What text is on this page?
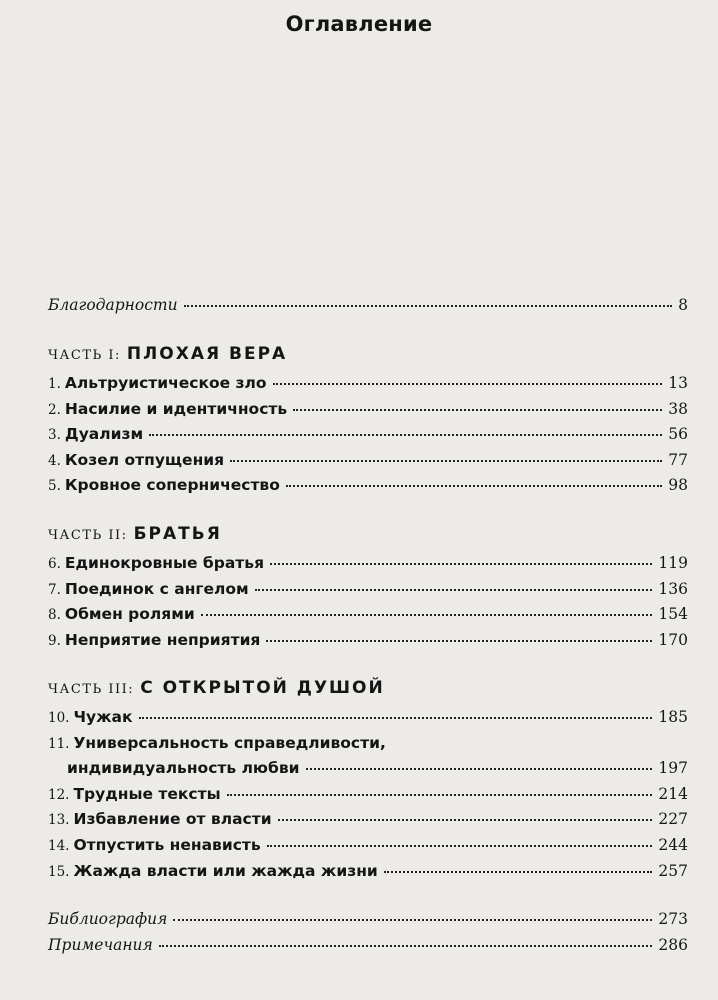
Оглавление
Благодарности	8
ЧАСТЬ I: ПЛОХАЯ ВЕРА
1. Альтруистическое зло	13
2. Насилие и идентичность	38
3. Дуализм	56
4. Козел отпущения	77
5. Кровное соперничество	98
ЧАСТЬ II: БРАТЬЯ
6. Единокровные братья	119
7. Поединок с ангелом	136
8. Обмен ролями	154
9. Неприятие неприятия	170
ЧАСТЬ III: С ОТКРЫТОЙ ДУШОЙ
10. Чужак	185
11. Универсальность справедливости,
индивидуальность любви	197
12. Трудные тексты	214
13. Избавление от власти	227
14. Отпустить ненависть	244
15. Жажда власти или жажда жизни	257
Библиография	273
Примечания	286
